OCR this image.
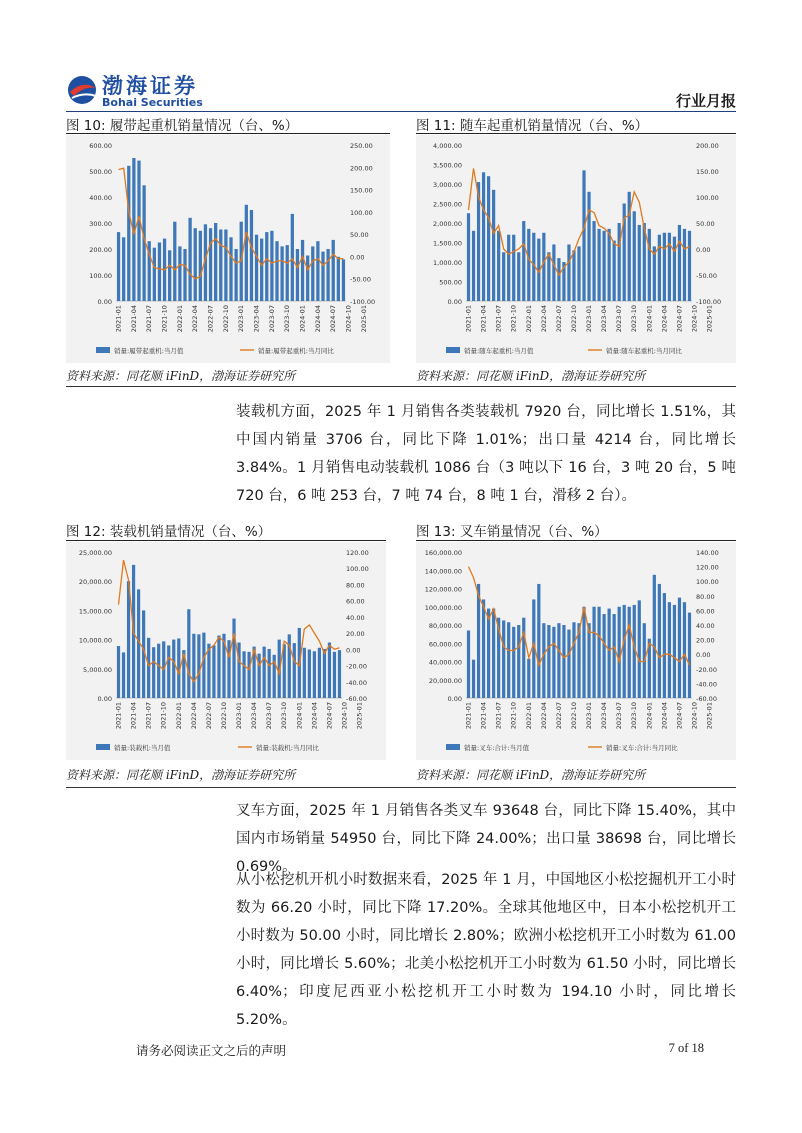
渤海证券
Bohai Securities	行业月报
图 10: 履带起重机销量情况（台、%）
0.00
100.00
200.00
300.00
400.00
500.00
600.00
-100.00
-50.00
0.00
50.00
100.00
150.00
200.00
250.00
2021-01 2021-04 2021-07 2021-10 2022-01 2022-04 2022-07 2022-10 2023-01 2023-04 2023-07 2023-10 2024-01 2024-04 2024-07 2024-10 2025-01
销量:履带起重机:当月值	销量:履带起重机:当月同比
资料来源：同花顺 iFinD，渤海证券研究所
图 11: 随车起重机销量情况（台、%）
0.00
500.00
1,000.00
1,500.00
2,000.00
2,500.00
3,000.00
3,500.00
4,000.00
-100.00
-50.00
0.00
50.00
100.00
150.00
200.00
2021-01 2021-04 2021-07 2021-10 2022-01 2022-04 2022-07 2022-10 2023-01 2023-04 2023-07 2023-10 2024-01 2024-04 2024-07 2024-10 2025-01
销量:随车起重机:当月值	销量:随车起重机:当月同比
资料来源：同花顺 iFinD，渤海证券研究所

装载机方面，2025 年 1 月销售各类装载机 7920 台，同比增长 1.51%，其中国内销量 3706 台，同比下降 1.01%；出口量 4214 台，同比增长 3.84%。1 月销售电动装载机 1086 台（3 吨以下 16 台，3 吨 20 台，5 吨 720 台，6 吨 253 台，7 吨 74 台，8 吨 1 台，滑移 2 台）。

图 12: 装载机销量情况（台、%）
0.00
5,000.00
10,000.00
15,000.00
20,000.00
25,000.00
-60.00
-40.00
-20.00
0.00
20.00
40.00
60.00
80.00
100.00
120.00
2021-01 2021-04 2021-07 2021-10 2022-01 2022-04 2022-07 2022-10 2023-01 2023-04 2023-07 2023-10 2024-01 2024-04 2024-07 2024-10 2025-01
销量:装载机:当月值	销量:装载机:当月同比
资料来源：同花顺 iFinD，渤海证券研究所
图 13: 叉车销量情况（台、%）
0.00
20,000.00
40,000.00
60,000.00
80,000.00
100,000.00
120,000.00
140,000.00
160,000.00
-60.00
-40.00
-20.00
0.00
20.00
40.00
60.00
80.00
100.00
120.00
140.00
2021-01 2021-04 2021-07 2021-10 2022-01 2022-04 2022-07 2022-10 2023-01 2023-04 2023-07 2023-10 2024-01 2024-04 2024-07 2024-10 2025-01
销量:叉车:合计:当月值	销量:叉车:合计:当月同比
资料来源：同花顺 iFinD，渤海证券研究所

叉车方面，2025 年 1 月销售各类叉车 93648 台，同比下降 15.40%，其中国内市场销量 54950 台，同比下降 24.00%；出口量 38698 台，同比增长 0.69%。

从小松挖机开机小时数据来看，2025 年 1 月，中国地区小松挖掘机开工小时数为 66.20 小时，同比下降 17.20%。全球其他地区中，日本小松挖机开工小时数为 50.00 小时，同比增长 2.80%；欧洲小松挖机开工小时数为 61.00 小时，同比增长 5.60%；北美小松挖机开工小时数为 61.50 小时，同比增长 6.40%；印度尼西亚小松挖机开工小时数为 194.10 小时，同比增长 5.20%。

请务必阅读正文之后的声明	7 of 18
